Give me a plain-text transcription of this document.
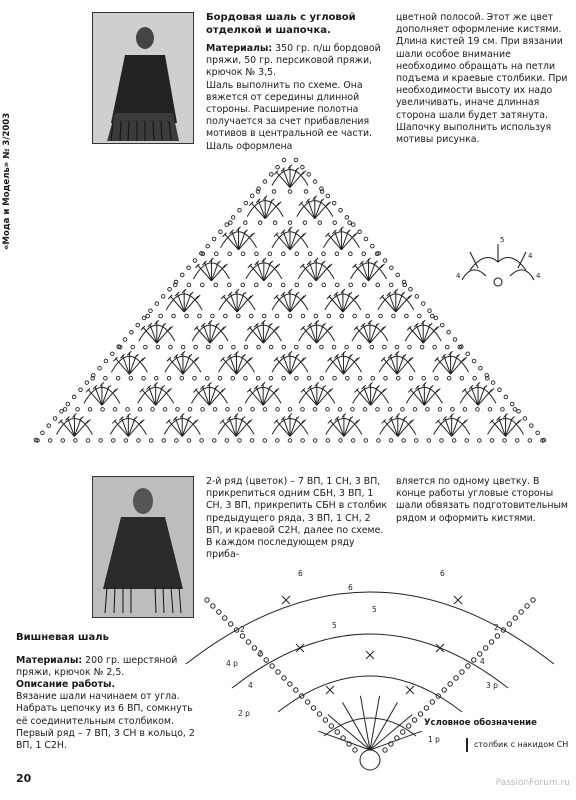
«Мода и Модель» № 3/2003
Бордовая шаль с угловой отделкой и шапочка.

Материалы: 350 гр. п/ш бордовой пряжи, 50 гр. персиковой пряжи, крючок № 3,5.

Шаль выполнить по схеме. Она вяжется от середины длинной стороны. Расширение полотна получается за счет прибавления мотивов в центральной ее части. Шаль оформлена

цветной полосой. Этот же цвет дополняет оформление кистями. Длина кистей 19 см. При вязании шали особое внимание необходимо обращать на петли подъема и краевые столбики. При необходимости высоту их надо увеличивать, иначе длинная сторона шали будет затянута.

Шапочку выполнить используя мотивы рисунка.

5
4	4
4

2-й ряд (цветок) – 7 ВП, 1 СН, 3 ВП, прикрепиться одним СБН, 3 ВП, 1 СН, 3 ВП, прикрепить СБН в столбик предыдущего ряда, 3 ВП, 1 СН, 2 ВП, и краевой С2Н, далее по схеме.

В каждом последующем ряду приба-

вляется по одному цветку. В конце работы угловые стороны шали обвязать подготовительным рядом и оформить кистями.

Вишневая шаль

Материалы: 200 гр. шерстяной пряжи, крючок № 2,5.

Описание работы.

Вязание шали начинаем от угла. Набрать цепочку из 6 ВП, сомкнуть её соединительным столбиком.

Первый ряд – 7 ВП, 3 СН в кольцо, 2 ВП, 1 С2Н.

6	6
6
5
5
2	2
4 р
3 р
2 р
1 р
2
4
4
Условное обозначение
столбик с накидом СН
20	PassionForum.ru
